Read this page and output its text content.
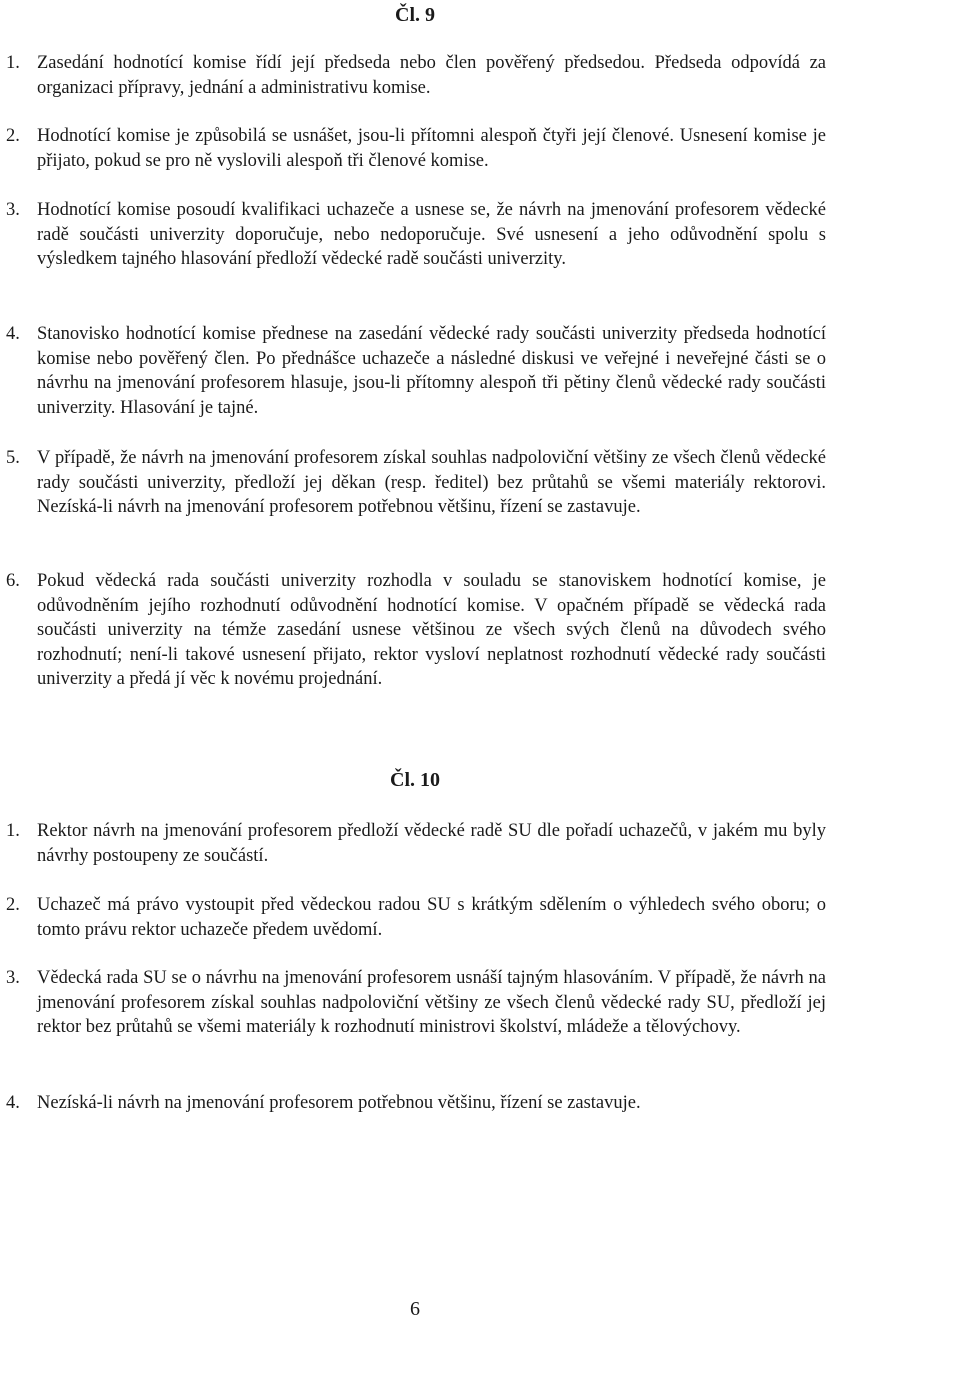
Čl. 9
1. Zasedání hodnotící komise řídí její předseda nebo člen pověřený předsedou. Předseda odpovídá za organizaci přípravy, jednání a administrativu komise.

2. Hodnotící komise je způsobilá se usnášet, jsou-li přítomni alespoň čtyři její členové. Usnesení komise je přijato, pokud se pro ně vyslovili alespoň tři členové komise.

3. Hodnotící komise posoudí kvalifikaci uchazeče a usnese se, že návrh na jmenování profesorem vědecké radě součásti univerzity doporučuje, nebo nedoporučuje. Své usnesení a jeho odůvodnění spolu s výsledkem tajného hlasování předloží vědecké radě součásti univerzity.

4. Stanovisko hodnotící komise přednese na zasedání vědecké rady součásti univerzity předseda hodnotící komise nebo pověřený člen. Po přednášce uchazeče a následné diskusi ve veřejné i neveřejné části se o návrhu na jmenování profesorem hlasuje, jsou-li přítomny alespoň tři pětiny členů vědecké rady součásti univerzity. Hlasování je tajné.

5. V případě, že návrh na jmenování profesorem získal souhlas nadpoloviční většiny ze všech členů vědecké rady součásti univerzity, předloží jej děkan (resp. ředitel) bez průtahů se všemi materiály rektorovi. Nezíská-li návrh na jmenování profesorem potřebnou většinu, řízení se zastavuje.

6. Pokud vědecká rada součásti univerzity rozhodla v souladu se stanoviskem hodnotící komise, je odůvodněním jejího rozhodnutí odůvodnění hodnotící komise. V opačném případě se vědecká rada součásti univerzity na témže zasedání usnese většinou ze všech svých členů na důvodech svého rozhodnutí; není-li takové usnesení přijato, rektor vysloví neplatnost rozhodnutí vědecké rady součásti univerzity a předá jí věc k novému projednání.

Čl. 10
1. Rektor návrh na jmenování profesorem předloží vědecké radě SU dle pořadí uchazečů, v jakém mu byly návrhy postoupeny ze součástí.

2. Uchazeč má právo vystoupit před vědeckou radou SU s krátkým sdělením o výhledech svého oboru; o tomto právu rektor uchazeče předem uvědomí.

3. Vědecká rada SU se o návrhu na jmenování profesorem usnáší tajným hlasováním. V případě, že návrh na jmenování profesorem získal souhlas nadpoloviční většiny ze všech členů vědecké rady SU, předloží jej rektor bez průtahů se všemi materiály k rozhodnutí ministrovi školství, mládeže a tělovýchovy.

4. Nezíská-li návrh na jmenování profesorem potřebnou většinu, řízení se zastavuje.

6
